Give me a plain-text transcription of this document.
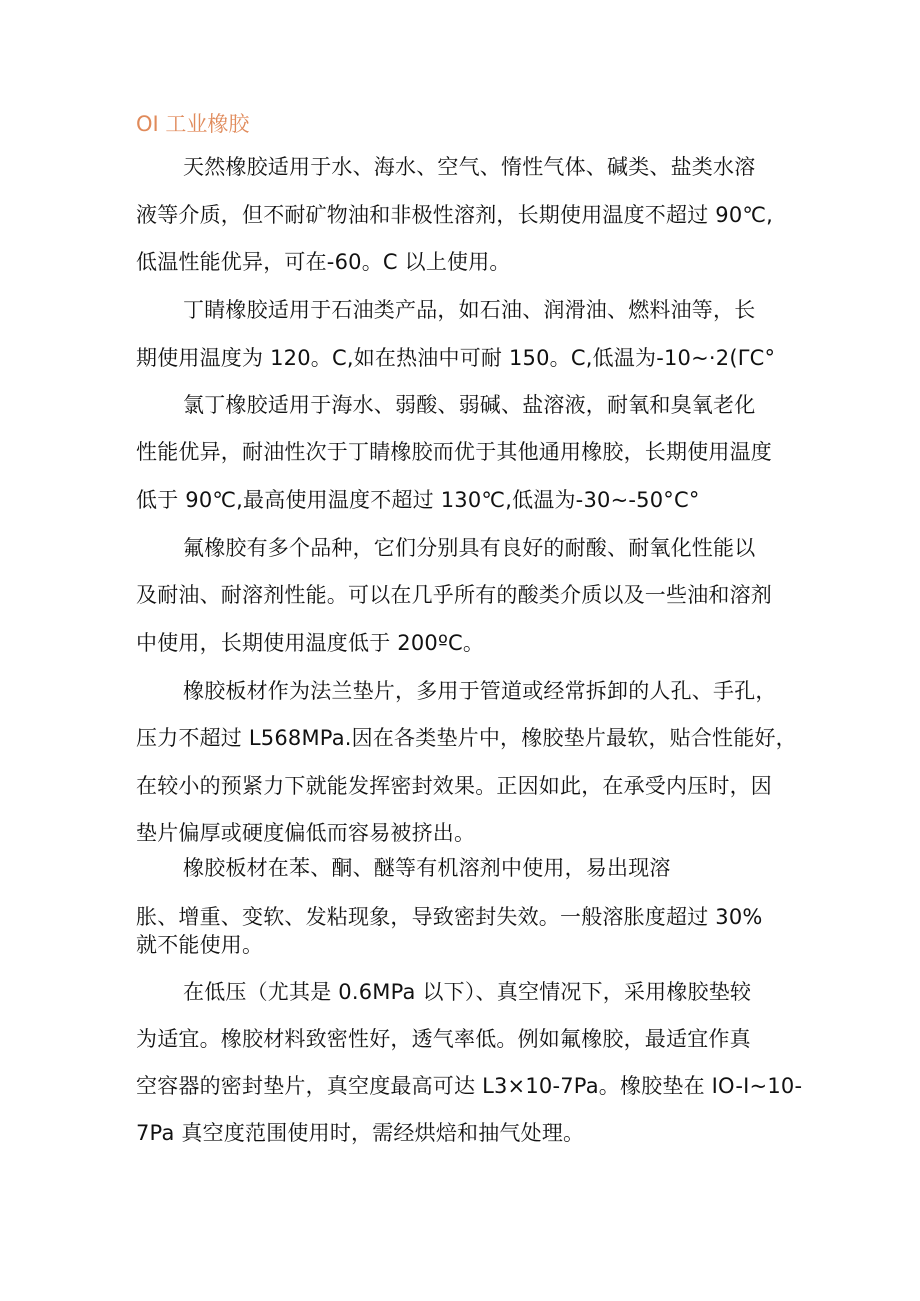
OI 工业橡胶
天然橡胶适用于水、海水、空气、惰性气体、碱类、盐类水溶
液等介质，但不耐矿物油和非极性溶剂，长期使用温度不超过 90℃,
低温性能优异，可在-60。C 以上使用。
丁睛橡胶适用于石油类产品，如石油、润滑油、燃料油等，长
期使用温度为 120。C,如在热油中可耐 150。C,低温为-10~·2(ΓC°
氯丁橡胶适用于海水、弱酸、弱碱、盐溶液，耐氧和臭氧老化
性能优异，耐油性次于丁睛橡胶而优于其他通用橡胶，长期使用温度
低于 90℃,最高使用温度不超过 130℃,低温为-30~-50°C°
氟橡胶有多个品种，它们分别具有良好的耐酸、耐氧化性能以
及耐油、耐溶剂性能。可以在几乎所有的酸类介质以及一些油和溶剂
中使用，长期使用温度低于 200ºC。
橡胶板材作为法兰垫片，多用于管道或经常拆卸的人孔、手孔，
压力不超过 L568MPa.因在各类垫片中，橡胶垫片最软，贴合性能好，
在较小的预紧力下就能发挥密封效果。正因如此，在承受内压时，因
垫片偏厚或硬度偏低而容易被挤出。
橡胶板材在苯、酮、醚等有机溶剂中使用，易出现溶
胀、增重、变软、发粘现象，导致密封失效。一般溶胀度超过 30%
就不能使用。
在低压（尤其是 0.6MPa 以下）、真空情况下，采用橡胶垫较
为适宜。橡胶材料致密性好，透气率低。例如氟橡胶，最适宜作真
空容器的密封垫片，真空度最高可达 L3×10-7Pa。橡胶垫在 IO-I~10-
7Pa 真空度范围使用时，需经烘焙和抽气处理。
